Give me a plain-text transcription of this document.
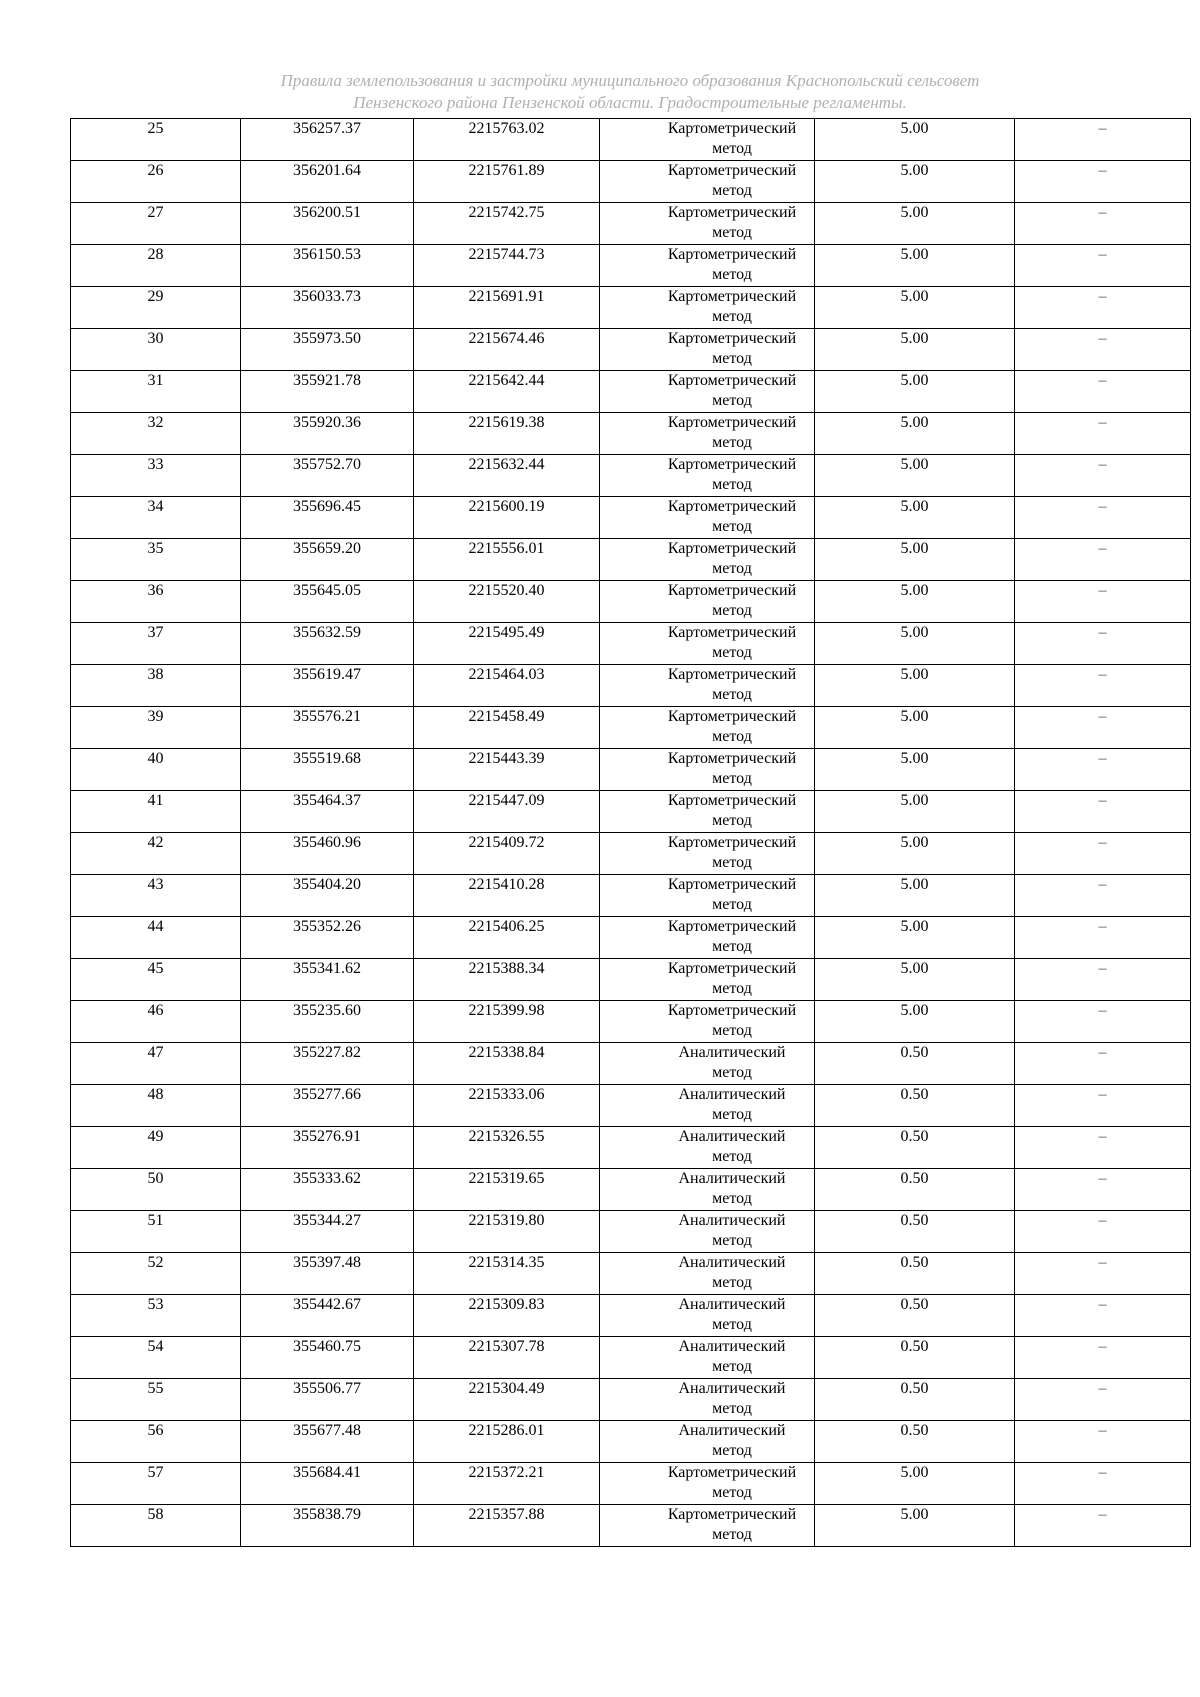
Правила землепользования и застройки муниципального образования Краснопольский сельсовет
Пензенского района Пензенской области. Градостроительные регламенты.
25	356257.37	2215763.02	Картометрический метод	5.00	–
26	356201.64	2215761.89	Картометрический метод	5.00	–
27	356200.51	2215742.75	Картометрический метод	5.00	–
28	356150.53	2215744.73	Картометрический метод	5.00	–
29	356033.73	2215691.91	Картометрический метод	5.00	–
30	355973.50	2215674.46	Картометрический метод	5.00	–
31	355921.78	2215642.44	Картометрический метод	5.00	–
32	355920.36	2215619.38	Картометрический метод	5.00	–
33	355752.70	2215632.44	Картометрический метод	5.00	–
34	355696.45	2215600.19	Картометрический метод	5.00	–
35	355659.20	2215556.01	Картометрический метод	5.00	–
36	355645.05	2215520.40	Картометрический метод	5.00	–
37	355632.59	2215495.49	Картометрический метод	5.00	–
38	355619.47	2215464.03	Картометрический метод	5.00	–
39	355576.21	2215458.49	Картометрический метод	5.00	–
40	355519.68	2215443.39	Картометрический метод	5.00	–
41	355464.37	2215447.09	Картометрический метод	5.00	–
42	355460.96	2215409.72	Картометрический метод	5.00	–
43	355404.20	2215410.28	Картометрический метод	5.00	–
44	355352.26	2215406.25	Картометрический метод	5.00	–
45	355341.62	2215388.34	Картометрический метод	5.00	–
46	355235.60	2215399.98	Картометрический метод	5.00	–
47	355227.82	2215338.84	Аналитический метод	0.50	–
48	355277.66	2215333.06	Аналитический метод	0.50	–
49	355276.91	2215326.55	Аналитический метод	0.50	–
50	355333.62	2215319.65	Аналитический метод	0.50	–
51	355344.27	2215319.80	Аналитический метод	0.50	–
52	355397.48	2215314.35	Аналитический метод	0.50	–
53	355442.67	2215309.83	Аналитический метод	0.50	–
54	355460.75	2215307.78	Аналитический метод	0.50	–
55	355506.77	2215304.49	Аналитический метод	0.50	–
56	355677.48	2215286.01	Аналитический метод	0.50	–
57	355684.41	2215372.21	Картометрический метод	5.00	–
58	355838.79	2215357.88	Картометрический метод	5.00	–
